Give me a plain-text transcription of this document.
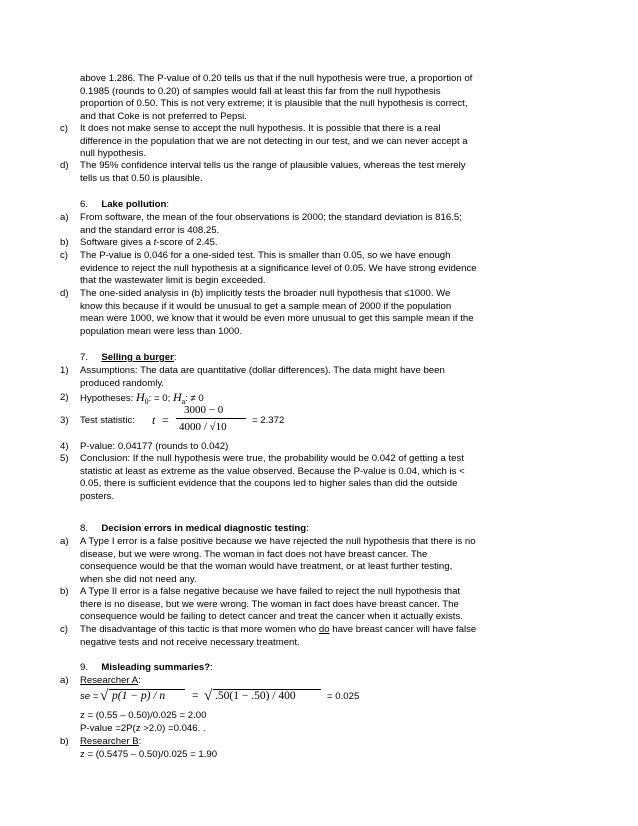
above 1.286. The P-value of 0.20 tells us that if the null hypothesis were true, a proportion of

0.1985 (rounds to 0.20) of samples would fall at least this far from the null hypothesis

proportion of 0.50. This is not very extreme; it is plausible that the null hypothesis is correct,

and that Coke is not preferred to Pepsi.

c) It does not make sense to accept the null hypothesis. It is possible that there is a real

difference in the population that we are not detecting in our test, and we can never accept a

null hypothesis.

d) The 95% confidence interval tells us the range of plausible values, whereas the test merely

tells us that 0.50 is plausible.

6. Lake pollution:
a) From software, the mean of the four observations is 2000; the standard deviation is 816.5;

and the standard error is 408.25.

b) Software gives a t-score of 2.45.
c) The P-value is 0.046 for a one-sided test. This is smaller than 0.05, so we have enough

evidence to reject the null hypothesis at a significance level of 0.05. We have strong evidence

that the wastewater limit is begin exceeded.

d) The one-sided analysis in (b) implicitly tests the broader null hypothesis that ≤1000. We

know this because if it would be unusual to get a sample mean of 2000 if the population

mean were 1000, we know that it would be even more unusual to get this sample mean if the

population mean were less than 1000.

7. Selling a burger:
1) Assumptions: The data are quantitative (dollar differences). The data might have been

produced randomly.

2) Hypotheses: $H_0$: = 0; $H_a$: ≠ 0
3) Test statistic: t =
3000 − 0
4000 / √10
= 2.372
4) P-value: 0.04177 (rounds to 0.042)
5) Conclusion: If the null hypothesis were true, the probability would be 0.042 of getting a test

statistic at least as extreme as the value observed. Because the P-value is 0.04, which is <

0.05, there is sufficient evidence that the coupons led to higher sales than did the outside

posters.

8. Decision errors in medical diagnostic testing:
a) A Type I error is a false positive because we have rejected the null hypothesis that there is no

disease, but we were wrong. The woman in fact does not have breast cancer. The

consequence would be that the woman would have treatment, or at least further testing,

when she did not need any.

b) A Type II error is a false negative because we have failed to reject the null hypothesis that

there is no disease, but we were wrong. The woman in fact does have breast cancer. The

consequence would be failing to detect cancer and treat the cancer when it actually exists.

c) The disadvantage of this tactic is that more women who do have breast cancer will have false

negative tests and not receive necessary treatment.

9. Misleading summaries?:
a) Researcher A:
se = √ p(1 − p) / n = √ .50(1 − .50) / 400	= 0.025
z = (0.55 – 0.50)/0.025 = 2.00
P-value =2P(z >2.0) =0.046. .
b) Researcher B:
z = (0.5475 – 0.50)/0.025 = 1.90
